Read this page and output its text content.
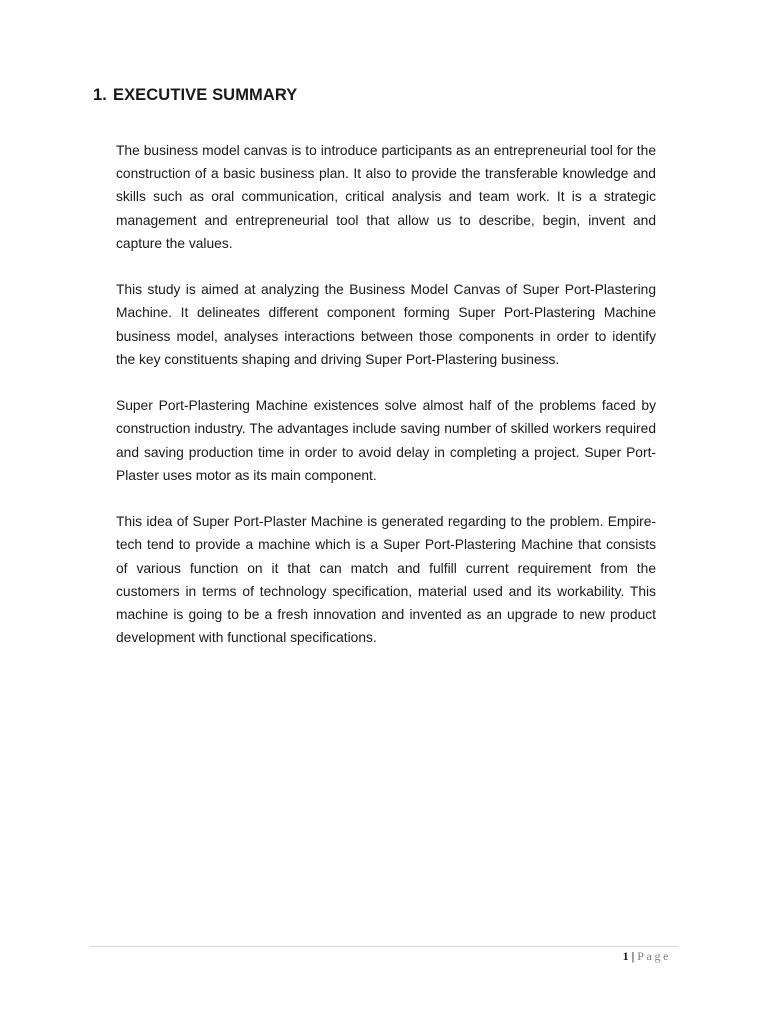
1. EXECUTIVE SUMMARY

The business model canvas is to introduce participants as an entrepreneurial tool for the construction of a basic business plan. It also to provide the transferable knowledge and skills such as oral communication, critical analysis and team work. It is a strategic management and entrepreneurial tool that allow us to describe, begin, invent and capture the values.

This study is aimed at analyzing the Business Model Canvas of Super Port-Plastering Machine. It delineates different component forming Super Port-Plastering Machine business model, analyses interactions between those components in order to identify the key constituents shaping and driving Super Port-Plastering business.

Super Port-Plastering Machine existences solve almost half of the problems faced by construction industry. The advantages include saving number of skilled workers required and saving production time in order to avoid delay in completing a project. Super Port-Plaster uses motor as its main component.

This idea of Super Port-Plaster Machine is generated regarding to the problem. Empire-tech tend to provide a machine which is a Super Port-Plastering Machine that consists of various function on it that can match and fulfill current requirement from the customers in terms of technology specification, material used and its workability. This machine is going to be a fresh innovation and invented as an upgrade to new product development with functional specifications.

1 | Page
